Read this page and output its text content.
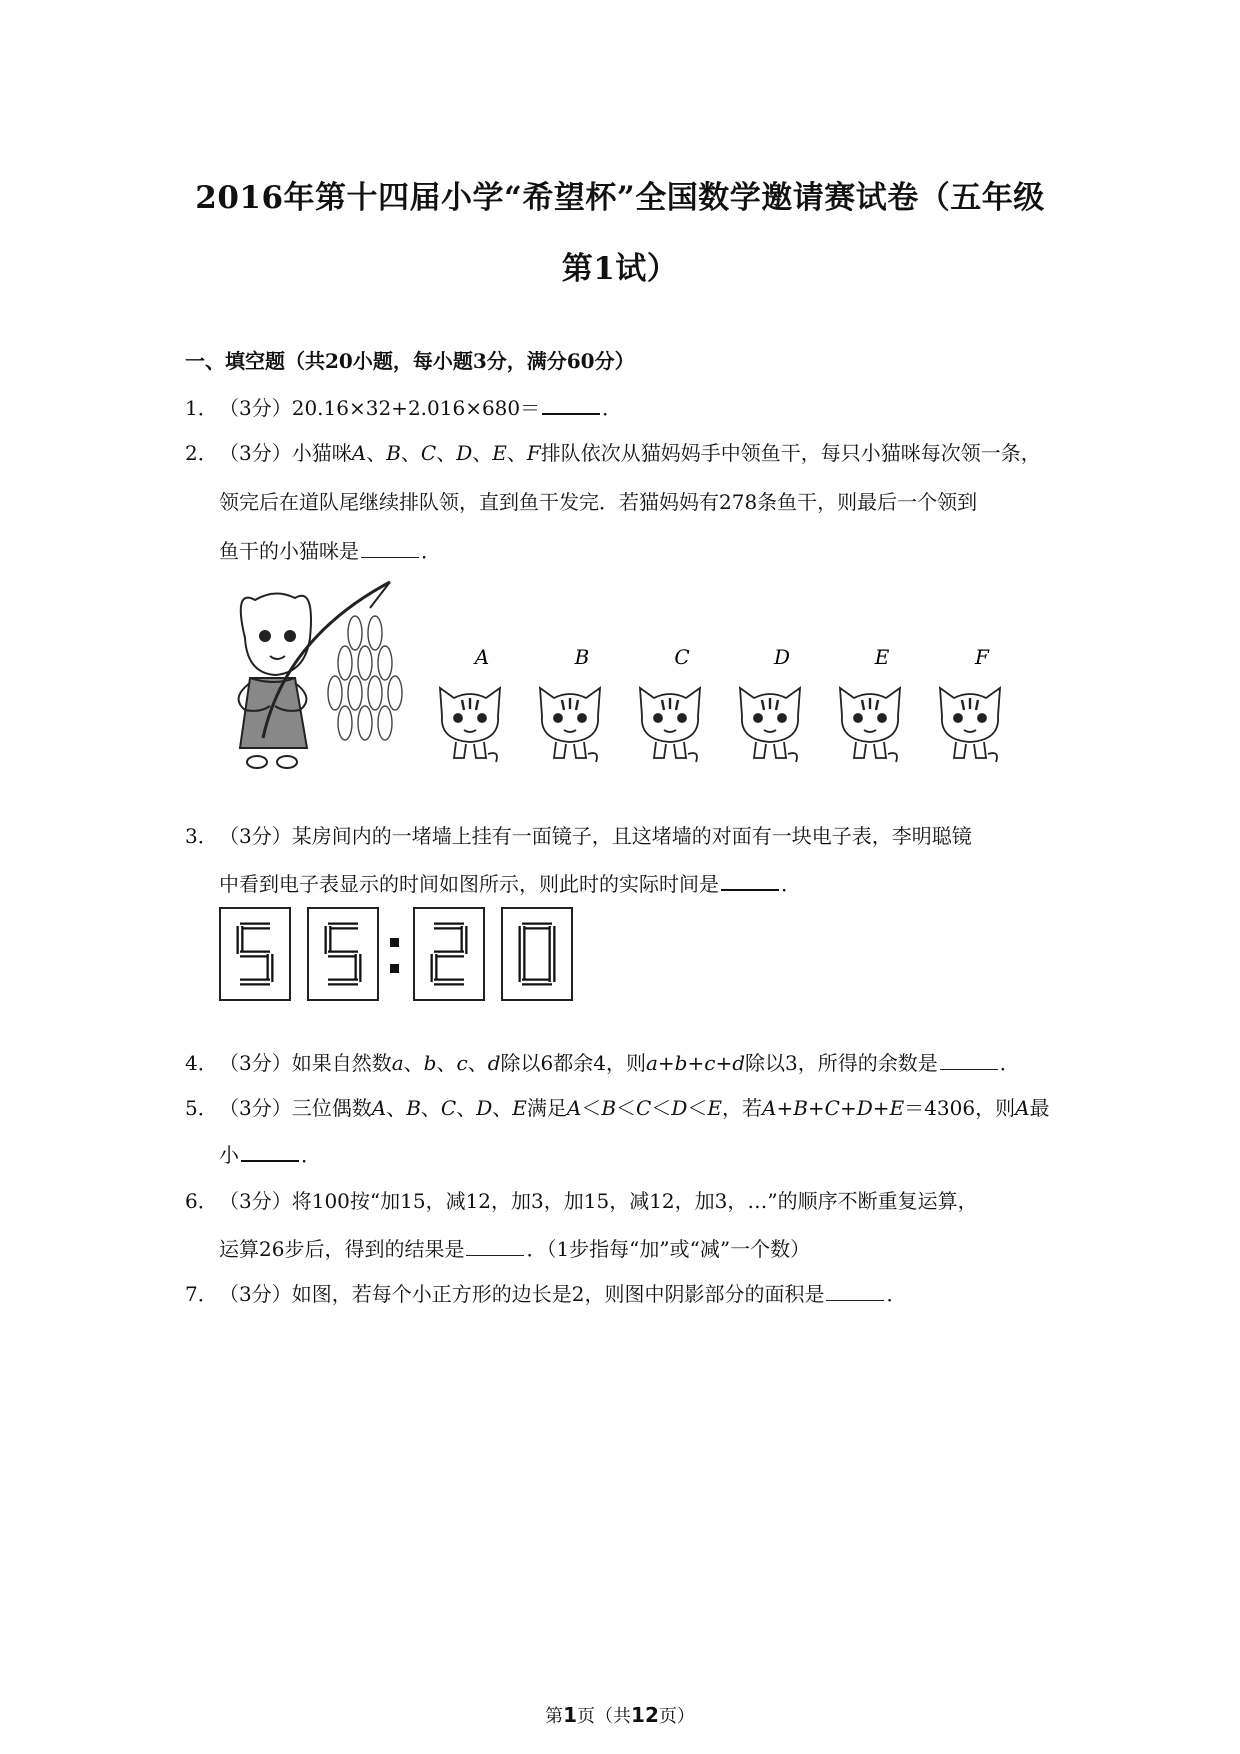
2016年第十四届小学“希望杯”全国数学邀请赛试卷（五年级
第1试）
一、填空题（共20小题，每小题3分，满分60分）
1．（3分）20.16×32+2.016×680＝	．
2．（3分）小猫咪A、B、C、D、E、F排队依次从猫妈妈手中领鱼干，每只小猫咪每次领一条，
领完后在道队尾继续排队领，直到鱼干发完．若猫妈妈有278条鱼干，则最后一个领到
鱼干的小猫咪是	．
A	B	C	D	E	F
3．（3分）某房间内的一堵墙上挂有一面镜子，且这堵墙的对面有一块电子表，李明聪镜
中看到电子表显示的时间如图所示，则此时的实际时间是	．
4．（3分）如果自然数a、b、c、d除以6都余4，则a+b+c+d除以3，所得的余数是	．
5．（3分）三位偶数A、B、C、D、E满足A＜B＜C＜D＜E，若A+B+C+D+E＝4306，则A最
小	．
6．（3分）将100按“加15，减12，加3，加15，减12，加3，…”的顺序不断重复运算，
运算26步后，得到的结果是	．（1步指每“加”或“减”一个数）
7．（3分）如图，若每个小正方形的边长是2，则图中阴影部分的面积是	．
第1页（共12页）
